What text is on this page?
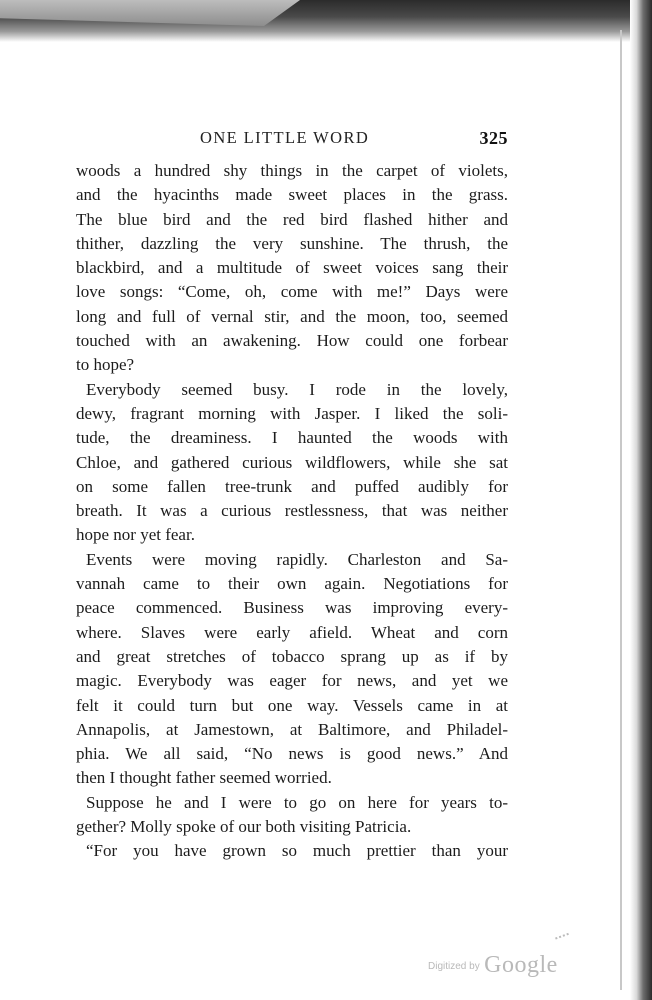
ONE LITTLE WORD	325
woods a hundred shy things in the carpet of violets,
and the hyacinths made sweet places in the grass.
The blue bird and the red bird flashed hither and
thither, dazzling the very sunshine. The thrush, the
blackbird, and a multitude of sweet voices sang their
love songs: “Come, oh, come with me!” Days were
long and full of vernal stir, and the moon, too, seemed
touched with an awakening. How could one forbear
to hope?
Everybody seemed busy. I rode in the lovely,
dewy, fragrant morning with Jasper. I liked the soli-
tude, the dreaminess. I haunted the woods with
Chloe, and gathered curious wildflowers, while she sat
on some fallen tree-trunk and puffed audibly for
breath. It was a curious restlessness, that was neither
hope nor yet fear.
Events were moving rapidly. Charleston and Sa-
vannah came to their own again. Negotiations for
peace commenced. Business was improving every-
where. Slaves were early afield. Wheat and corn
and great stretches of tobacco sprang up as if by
magic. Everybody was eager for news, and yet we
felt it could turn but one way. Vessels came in at
Annapolis, at Jamestown, at Baltimore, and Philadel-
phia. We all said, “No news is good news.” And
then I thought father seemed worried.
Suppose he and I were to go on here for years to-
gether? Molly spoke of our both visiting Patricia.
“For you have grown so much prettier than your
Digitized by Google
